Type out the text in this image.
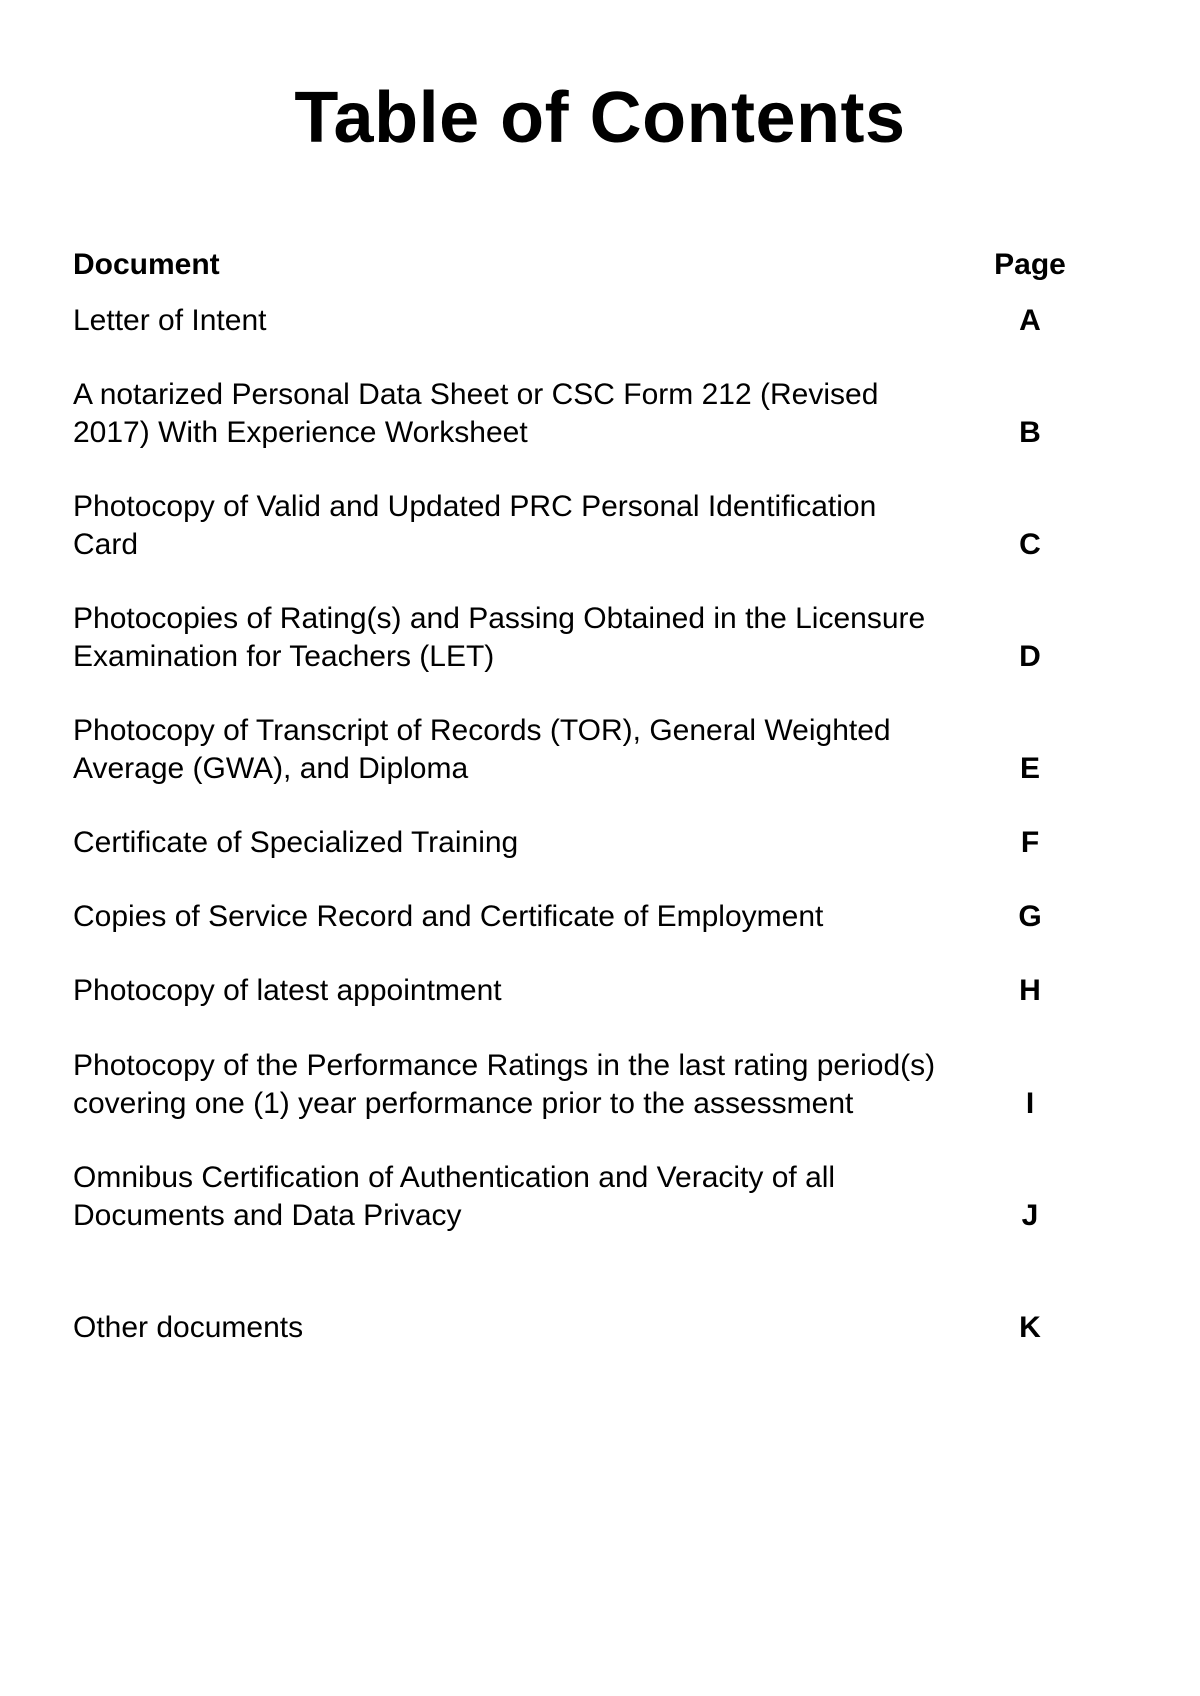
Table of Contents
Document	Page
Letter of Intent	A
A notarized Personal Data Sheet or CSC Form 212 (Revised
2017) With Experience Worksheet	B
Photocopy of Valid and Updated PRC Personal Identification
Card	C
Photocopies of Rating(s) and Passing Obtained in the Licensure
Examination for Teachers (LET)	D
Photocopy of Transcript of Records (TOR), General Weighted
Average (GWA), and Diploma	E
Certificate of Specialized Training	F
Copies of Service Record and Certificate of Employment	G
Photocopy of latest appointment	H
Photocopy of the Performance Ratings in the last rating period(s)
covering one (1) year performance prior to the assessment	I
Omnibus Certification of Authentication and Veracity of all
Documents and Data Privacy	J
Other documents	K
